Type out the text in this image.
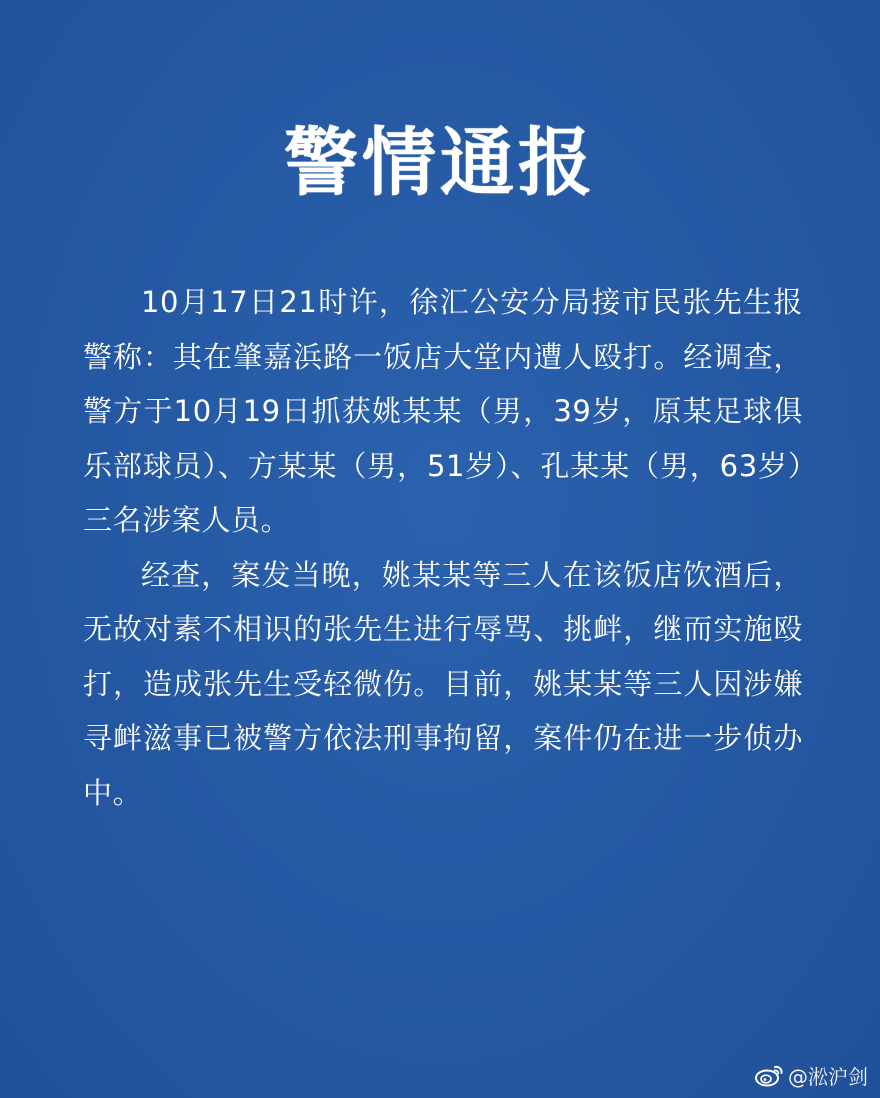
警情通报

10月17日21时许，徐汇公安分局接市民张先生报警称：其在肇嘉浜路一饭店大堂内遭人殴打。经调查，警方于10月19日抓获姚某某（男，39岁，原某足球俱乐部球员）、方某某（男，51岁）、孔某某（男，63岁）三名涉案人员。

经查，案发当晚，姚某某等三人在该饭店饮酒后，无故对素不相识的张先生进行辱骂、挑衅，继而实施殴打，造成张先生受轻微伤。目前，姚某某等三人因涉嫌寻衅滋事已被警方依法刑事拘留，案件仍在进一步侦办中。

@淞沪剑
